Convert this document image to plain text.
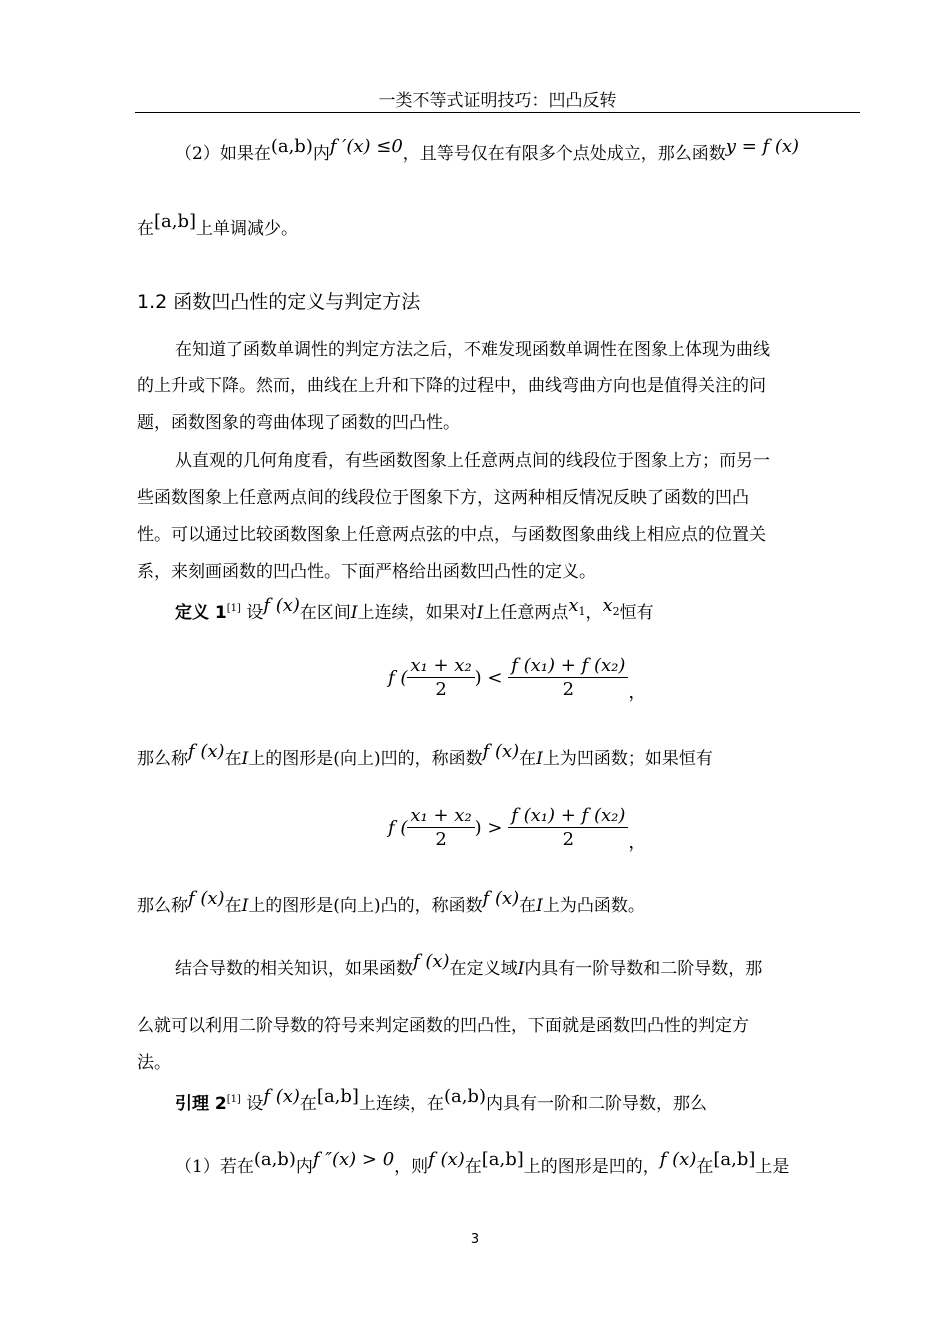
一类不等式证明技巧：凹凸反转
（2）如果在(a,b)内f ′(x) ≤0，且等号仅在有限多个点处成立，那么函数y = f (x)
在[a,b]上单调减少。
1.2 函数凹凸性的定义与判定方法
在知道了函数单调性的判定方法之后，不难发现函数单调性在图象上体现为曲线
的上升或下降。然而，曲线在上升和下降的过程中，曲线弯曲方向也是值得关注的问
题，函数图象的弯曲体现了函数的凹凸性。
从直观的几何角度看，有些函数图象上任意两点间的线段位于图象上方；而另一
些函数图象上任意两点间的线段位于图象下方，这两种相反情况反映了函数的凹凸
性。可以通过比较函数图象上任意两点弦的中点，与函数图象曲线上相应点的位置关
系，来刻画函数的凹凸性。下面严格给出函数凹凸性的定义。
定义 1[1] 设f (x)在区间I上连续，如果对I上任意两点$x_1$，$x_2$恒有
f ( $\frac{\text{x₁ + x₂}}{2}$ ) < $\frac{\text{f (x₁) + f (x₂)}}{2}$ ，
那么称f (x)在I上的图形是(向上)凹的，称函数f (x)在I上为凹函数；如果恒有
f ( $\frac{\text{x₁ + x₂}}{2}$ ) > $\frac{\text{f (x₁) + f (x₂)}}{2}$ ，
那么称f (x)在I上的图形是(向上)凸的，称函数f (x)在I上为凸函数。
结合导数的相关知识，如果函数f (x)在定义域I内具有一阶导数和二阶导数，那
么就可以利用二阶导数的符号来判定函数的凹凸性，下面就是函数凹凸性的判定方
法。
引理 2[1] 设f (x)在[a,b]上连续，在(a,b)内具有一阶和二阶导数，那么
（1）若在(a,b)内f ″(x) > 0，则f (x)在[a,b]上的图形是凹的，f (x)在[a,b]上是
3
